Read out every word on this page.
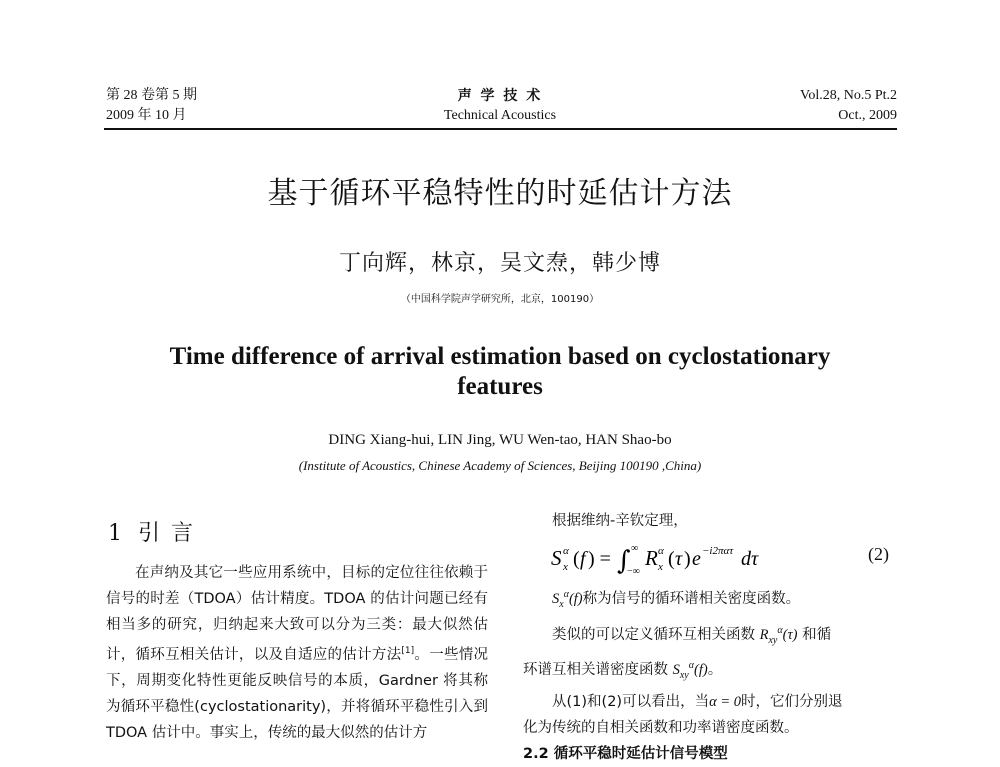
第 28 卷第 5 期
2009 年 10 月
声 学 技 术
Technical Acoustics
Vol.28, No.5 Pt.2
Oct., 2009
基于循环平稳特性的时延估计方法
丁向辉，林京，吴文焘，韩少博
（中国科学院声学研究所，北京，100190）
Time difference of arrival estimation based on cyclostationary
features
DING Xiang-hui, LIN Jing, WU Wen-tao, HAN Shao-bo
(Institute of Acoustics, Chinese Academy of Sciences, Beijing 100190 ,China)
1 引 言

在声纳及其它一些应用系统中，目标的定位往往依赖于信号的时差（TDOA）估计精度。TDOA 的估计问题已经有相当多的研究，归纳起来大致可以分为三类：最大似然估计，循环互相关估计，以及自适应的估计方法[1]。一些情况下，周期变化特性更能反映信号的本质，Gardner 将其称为循环平稳性(cyclostationarity)，并将循环平稳性引入到 TDOA 估计中。事实上，传统的最大似然的估计方

根据维纳-辛钦定理，

$S_x^\alpha(f)$称为信号的循环谱相关密度函数。

类似的可以定义循环互相关函数 $R_{xy}^\alpha(\tau)$ 和循

环谱互相关谱密度函数 $S_{xy}^\alpha(f)$。

从(1)和(2)可以看出，当α = 0时，它们分别退

化为传统的自相关函数和功率谱密度函数。

2.2 循环平稳时延估计信号模型

S α
x ( f ) = ∫ ∞
−∞
R α
x ( τ ) e −i2πατ dτ	(2)
